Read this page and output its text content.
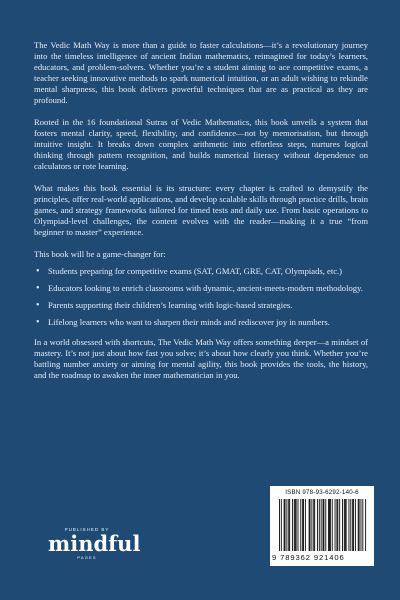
The Vedic Math Way is more than a guide to faster calculations—it’s a revolutionary journey into the timeless intelligence of ancient Indian mathematics, reimagined for today’s learners, educators, and problem-solvers. Whether you’re a student aiming to ace competitive exams, a teacher seeking innovative methods to spark numerical intuition, or an adult wishing to rekindle mental sharpness, this book delivers powerful techniques that are as practical as they are profound.

Rooted in the 16 foundational Sutras of Vedic Mathematics, this book unveils a system that fosters mental clarity, speed, flexibility, and confidence—not by memorisation, but through intuitive insight. It breaks down complex arithmetic into effortless steps, nurtures logical thinking through pattern recognition, and builds numerical literacy without dependence on calculators or rote learning.

What makes this book essential is its structure: every chapter is crafted to demystify the principles, offer real-world applications, and develop scalable skills through practice drills, brain games, and strategy frameworks tailored for timed tests and daily use. From basic operations to Olympiad-level challenges, the content evolves with the reader—making it a true “from beginner to master” experience.

This book will be a game-changer for:

• Students preparing for competitive exams (SAT, GMAT, GRE, CAT, Olympiads, etc.)
• Educators looking to enrich classrooms with dynamic, ancient-meets-modern methodology.
• Parents supporting their children’s learning with logic-based strategies.
• Lifelong learners who want to sharpen their minds and rediscover joy in numbers.

In a world obsessed with shortcuts, The Vedic Math Way offers something deeper—a mindset of mastery. It’s not just about how fast you solve; it’s about how clearly you think. Whether you’re battling number anxiety or aiming for mental agility, this book provides the tools, the history, and the roadmap to awaken the inner mathematician in you.

PUBLISHED BY
mindful
PAGES
ISBN 978-93-6292-140-6
9 789362 921406
